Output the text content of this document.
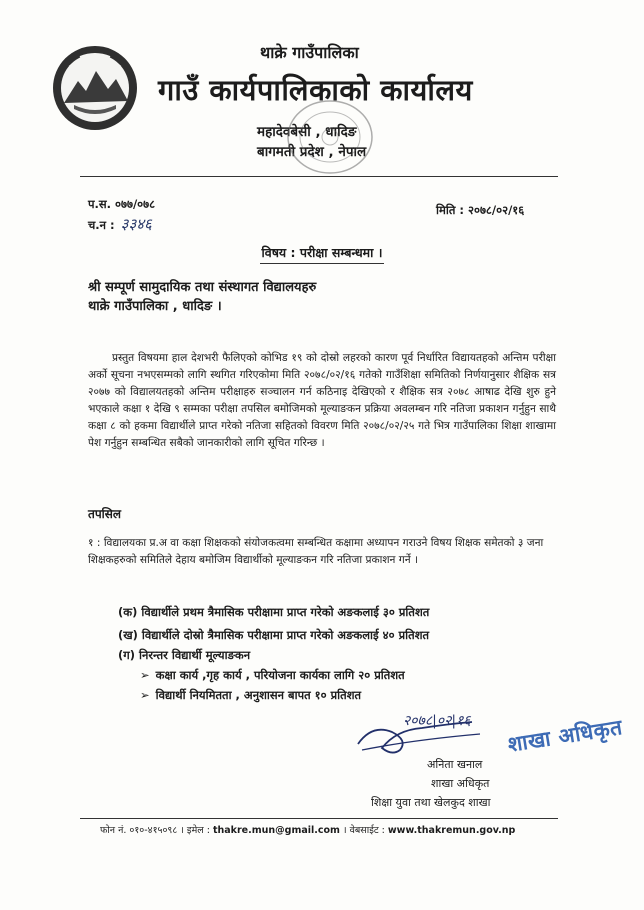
थाक्रे गाउँपालिका
गाउँ कार्यपालिकाको कार्यालय
महादेवबेसी , धादिङ
बागमती प्रदेश , नेपाल
प.स. ०७७/०७८
च.न : ३३४६
मिति : २०७८/०२/१६
विषय : परीक्षा सम्बन्धमा ।
श्री सम्पूर्ण सामुदायिक तथा संस्थागत विद्यालयहरु
थाक्रे गाउँपालिका , धादिङ ।
प्रस्तुत विषयमा हाल देशभरी फैलिएको कोभिड १९ को दोस्रो लहरको कारण पूर्व निर्धारित विद्यायतहको अन्तिम परीक्षा अर्को सूचना नभएसम्मको लागि स्थगित गरिएकोमा मिति २०७८/०२/१६ गतेको गाउँशिक्षा समितिको निर्णयानुसार शैक्षिक सत्र २०७७ को विद्यालयतहको अन्तिम परीक्षाहरु सञ्चालन गर्न कठिनाइ देखिएको र शैक्षिक सत्र २०७८ आषाढ देखि शुरु हुने भएकाले कक्षा १ देखि ९ सम्मका परीक्षा तपसिल बमोजिमको मूल्याङकन प्रक्रिया अवलम्बन गरि नतिजा प्रकाशन गर्नुहुन साथै कक्षा ८ को हकमा विद्यार्थीले प्राप्त गरेको नतिजा सहितको विवरण मिति २०७८/०२/२५ गते भित्र गाउँपालिका शिक्षा शाखामा पेश गर्नुहुन सम्बन्धित सबैको जानकारीको लागि सूचित गरिन्छ ।
तपसिल
१ : विद्यालयका प्र.अ वा कक्षा शिक्षकको संयोजकत्वमा सम्बन्धित कक्षामा अध्यापन गराउने विषय शिक्षक समेतको ३ जना शिक्षकहरुको समितिले देहाय बमोजिम विद्यार्थीको मूल्याङकन गरि नतिजा प्रकाशन गर्ने ।
(क) विद्यार्थीले प्रथम त्रैमासिक परीक्षामा प्राप्त गरेको अङकलाई ३० प्रतिशत
(ख) विद्यार्थीले दोस्रो त्रैमासिक परीक्षामा प्राप्त गरेको अङकलाई ४० प्रतिशत
(ग) निरन्तर विद्यार्थी मूल्याङकन
➢ कक्षा कार्य ,गृह कार्य , परियोजना कार्यका लागि २० प्रतिशत
➢ विद्यार्थी नियमितता , अनुशासन बापत १० प्रतिशत
२०७८|०२|१६ शाखा अधिकृत
अनिता खनाल
शाखा अधिकृत
शिक्षा युवा तथा खेलकुद शाखा
फोन नं. ०१०-४१५०९८ । इमेल : thakre.mun@gmail.com । वेबसाईट : www.thakremun.gov.np
